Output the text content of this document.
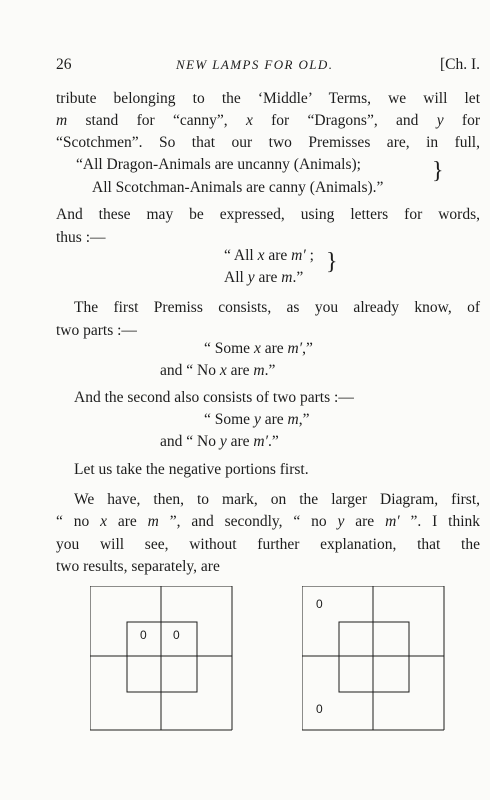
26	NEW LAMPS FOR OLD.	[Ch. I.
tribute belonging to the ‘Middle’ Terms, we will let
m stand for “canny”, x for “Dragons”, and y for
“Scotchmen”. So that our two Premisses are, in full,
“All Dragon-Animals are uncanny (Animals);
All Scotchman-Animals are canny (Animals).”
}
And these may be expressed, using letters for words,
thus :—
“ All x are m′ ;
All y are m.”
}
The first Premiss consists, as you already know, of
two parts :—
“ Some x are m′,”
and “ No x are m.”
And the second also consists of two parts :—
“ Some y are m,”
and “ No y are m′.”
Let us take the negative portions first.
We have, then, to mark, on the larger Diagram, first,
“ no x are m ”, and secondly, “ no y are m′ ”. I think
you will see, without further explanation, that the
two results, separately, are
0 0
0
0
